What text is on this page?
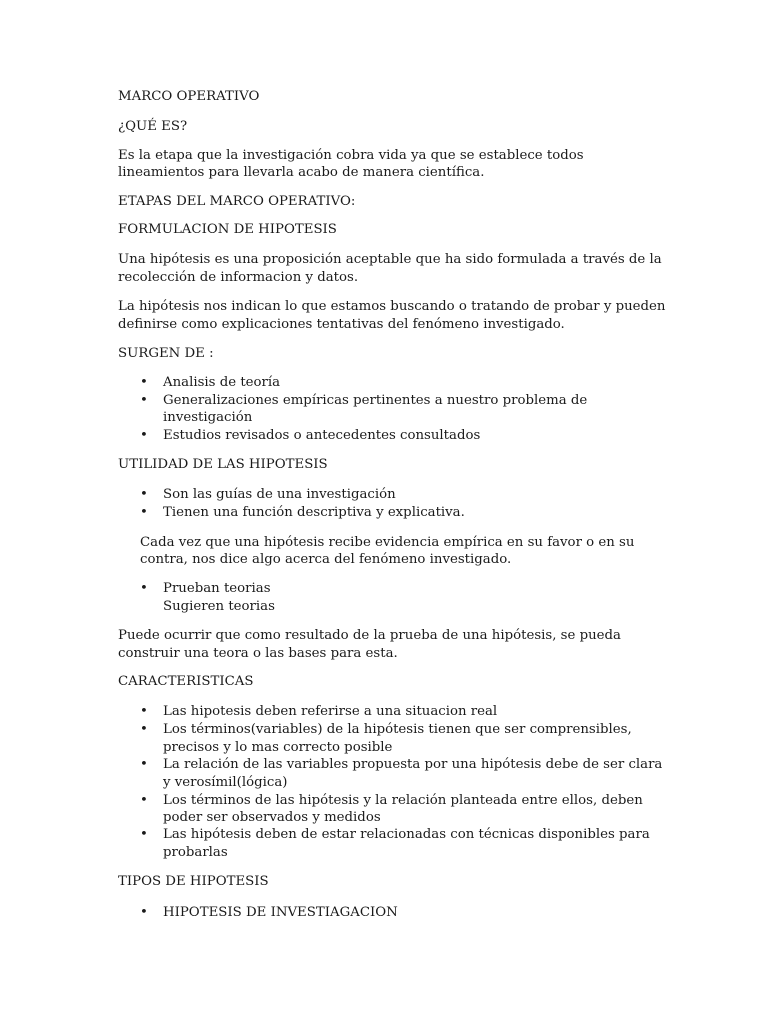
MARCO OPERATIVO
¿QUÉ ES?
Es la etapa que la investigación cobra vida ya que se establece todos
lineamientos para llevarla acabo de manera científica.
ETAPAS DEL MARCO OPERATIVO:
FORMULACION DE HIPOTESIS
Una hipótesis es una proposición aceptable que ha sido formulada a través de la
recolección de informacion y datos.
La hipótesis nos indican lo que estamos buscando o tratando de probar y pueden
definirse como explicaciones tentativas del fenómeno investigado.
SURGEN DE :
• Analisis de teoría
• Generalizaciones empíricas pertinentes a nuestro problema de
investigación
• Estudios revisados o antecedentes consultados
UTILIDAD DE LAS HIPOTESIS
• Son las guías de una investigación
• Tienen una función descriptiva y explicativa.
Cada vez que una hipótesis recibe evidencia empírica en su favor o en su
contra, nos dice algo acerca del fenómeno investigado.
• Prueban teorias
Sugieren teorias
Puede ocurrir que como resultado de la prueba de una hipótesis, se pueda
construir una teora o las bases para esta.
CARACTERISTICAS
• Las hipotesis deben referirse a una situacion real
• Los términos(variables) de la hipótesis tienen que ser comprensibles,
precisos y lo mas correcto posible
• La relación de las variables propuesta por una hipótesis debe de ser clara
y verosímil(lógica)
• Los términos de las hipótesis y la relación planteada entre ellos, deben
poder ser observados y medidos
• Las hipótesis deben de estar relacionadas con técnicas disponibles para
probarlas
TIPOS DE HIPOTESIS
• HIPOTESIS DE INVESTIAGACION
